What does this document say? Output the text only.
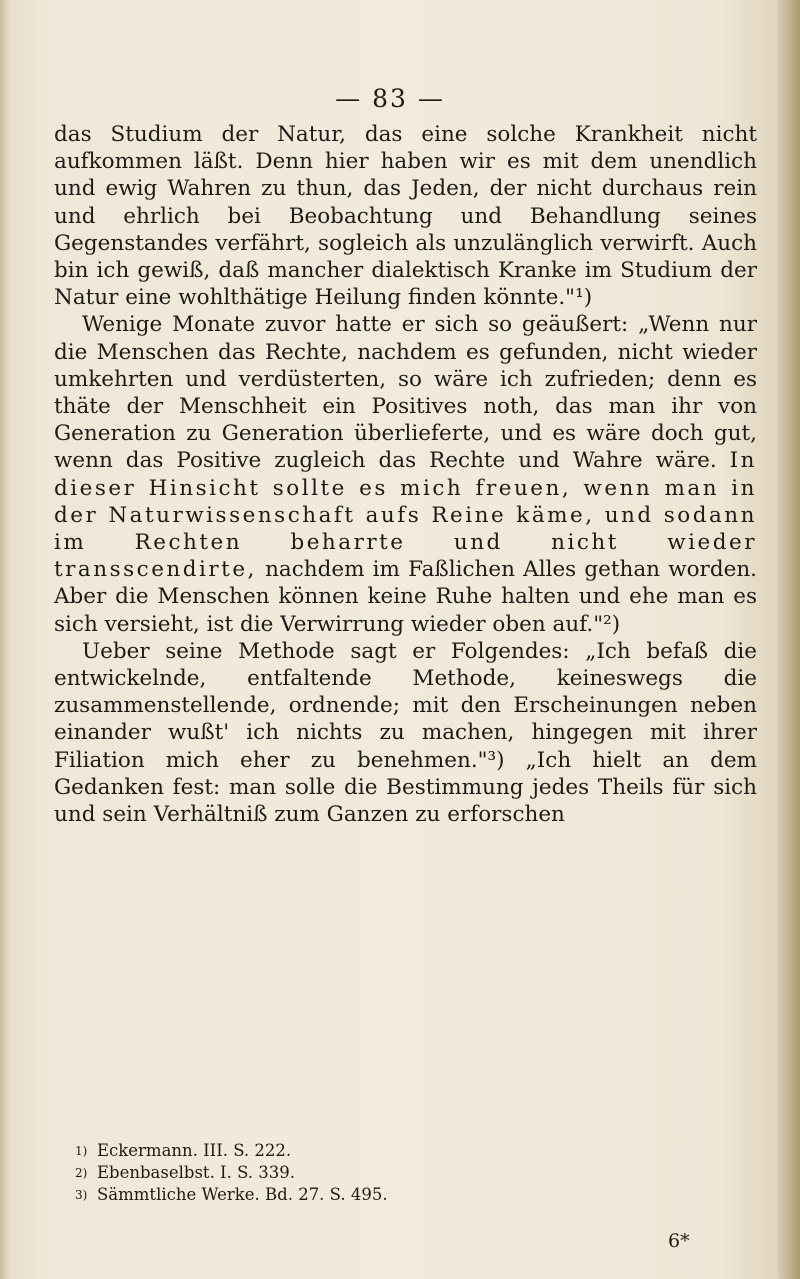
— 83 —

das Studium der Natur, das eine solche Krankheit nicht aufkommen läßt. Denn hier haben wir es mit dem unendlich und ewig Wahren zu thun, das Jeden, der nicht durchaus rein und ehrlich bei Beobachtung und Behandlung seines Gegenstandes verfährt, sogleich als unzulänglich verwirft. Auch bin ich gewiß, daß mancher dialektisch Kranke im Studium der Natur eine wohlthätige Heilung finden könnte."¹)

Wenige Monate zuvor hatte er sich so geäußert: „Wenn nur die Menschen das Rechte, nachdem es gefunden, nicht wieder umkehrten und verdüsterten, so wäre ich zufrieden; denn es thäte der Menschheit ein Positives noth, das man ihr von Generation zu Generation überlieferte, und es wäre doch gut, wenn das Positive zugleich das Rechte und Wahre wäre. In dieser Hinsicht sollte es mich freuen, wenn man in der Naturwissenschaft aufs Reine käme, und sodann im Rechten beharrte und nicht wieder transscendirte, nachdem im Faßlichen Alles gethan worden. Aber die Menschen können keine Ruhe halten und ehe man es sich versieht, ist die Verwirrung wieder oben auf."²)

Ueber seine Methode sagt er Folgendes: „Ich befaß die entwickelnde, entfaltende Methode, keineswegs die zusammenstellende, ordnende; mit den Erscheinungen neben einander wußt' ich nichts zu machen, hingegen mit ihrer Filiation mich eher zu benehmen."³) „Ich hielt an dem Gedanken fest: man solle die Bestimmung jedes Theils für sich und sein Verhältniß zum Ganzen zu erforschen

1) Eckermann. III. S. 222.
2) Ebenbaselbst. I. S. 339.
3) Sämmtliche Werke. Bd. 27. S. 495.
6*
